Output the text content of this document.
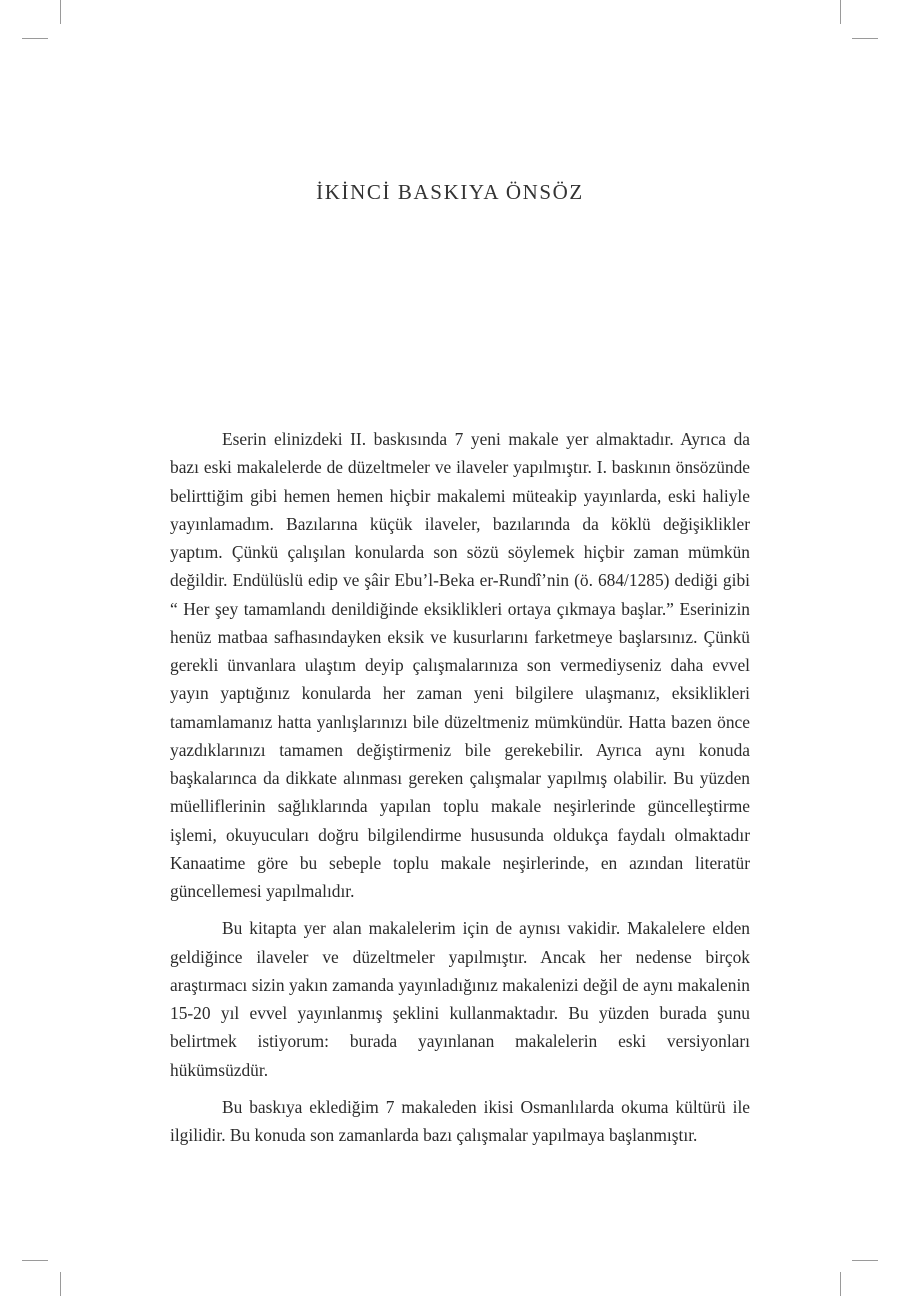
İKİNCİ BASKIYA ÖNSÖZ

Eserin elinizdeki II. baskısında 7 yeni makale yer almaktadır. Ayrıca da bazı eski makalelerde de düzeltmeler ve ilaveler yapılmıştır. I. baskının önsözünde belirttiğim gibi hemen hemen hiçbir makalemi müteakip yayınlarda, eski haliyle yayınlamadım. Bazılarına küçük ilaveler, bazılarında da köklü değişiklikler yaptım. Çünkü çalışılan konularda son sözü söylemek hiçbir zaman mümkün değildir. Endülüslü edip ve şâir Ebu’l-Beka er-Rundî’nin (ö. 684/1285) dediği gibi “ Her şey tamamlandı denildiğinde eksiklikleri ortaya çıkmaya başlar.” Eserinizin henüz matbaa safhasındayken eksik ve kusurlarını farketmeye başlarsınız. Çünkü gerekli ünvanlara ulaştım deyip çalışmalarınıza son vermediyseniz daha evvel yayın yaptığınız konularda her zaman yeni bilgilere ulaşmanız, eksiklikleri tamamlamanız hatta yanlışlarınızı bile düzeltmeniz mümkündür. Hatta bazen önce yazdıklarınızı tamamen değiştirmeniz bile gerekebilir. Ayrıca aynı konuda başkalarınca da dikkate alınması gereken çalışmalar yapılmış olabilir. Bu yüzden müelliflerinin sağlıklarında yapılan toplu makale neşirlerinde güncelleştirme işlemi, okuyucuları doğru bilgilendirme hususunda oldukça faydalı olmaktadır Kanaatime göre bu sebeple toplu makale neşirlerinde, en azından literatür güncellemesi yapılmalıdır.

Bu kitapta yer alan makalelerim için de aynısı vakidir. Makalelere elden geldiğince ilaveler ve düzeltmeler yapılmıştır. Ancak her nedense birçok araştırmacı sizin yakın zamanda yayınladığınız makalenizi değil de aynı makalenin 15-20 yıl evvel yayınlanmış şeklini kullanmaktadır. Bu yüzden burada şunu belirtmek istiyorum: burada yayınlanan makalelerin eski versiyonları hükümsüzdür.

Bu baskıya eklediğim 7 makaleden ikisi Osmanlılarda okuma kültürü ile ilgilidir. Bu konuda son zamanlarda bazı çalışmalar yapılmaya başlanmıştır.
